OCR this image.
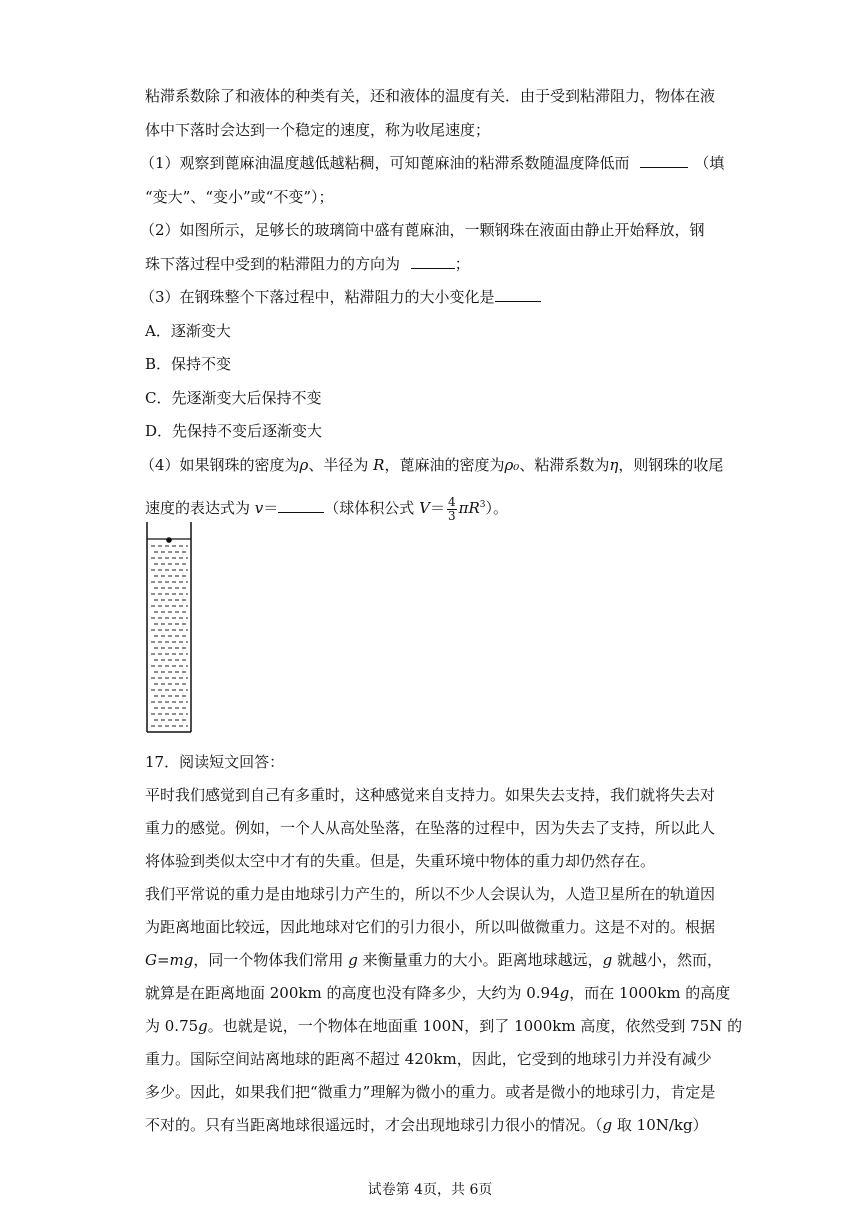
粘滞系数除了和液体的种类有关，还和液体的温度有关．由于受到粘滞阻力，物体在液
体中下落时会达到一个稳定的速度，称为收尾速度；
（1）观察到蓖麻油温度越低越粘稠，可知蓖麻油的粘滞系数随温度降低而	（填
“变大”、“变小”或“不变”）；
（2）如图所示，足够长的玻璃筒中盛有蓖麻油，一颗钢珠在液面由静止开始释放，钢
珠下落过程中受到的粘滞阻力的方向为	；
（3）在钢珠整个下落过程中，粘滞阻力的大小变化是
A．逐渐变大
B．保持不变
C．先逐渐变大后保持不变
D．先保持不变后逐渐变大
（4）如果钢珠的密度为ρ、半径为 R，蓖麻油的密度为ρ₀、粘滞系数为η，则钢珠的收尾
速度的表达式为 v＝	（球体积公式 $V= \frac{4}{3} \pi R^3$）。
17．阅读短文回答：
平时我们感觉到自己有多重时，这种感觉来自支持力。如果失去支持，我们就将失去对
重力的感觉。例如，一个人从高处坠落，在坠落的过程中，因为失去了支持，所以此人
将体验到类似太空中才有的失重。但是，失重环境中物体的重力却仍然存在。
我们平常说的重力是由地球引力产生的，所以不少人会误认为，人造卫星所在的轨道因
为距离地面比较远，因此地球对它们的引力很小，所以叫做微重力。这是不对的。根据
G=mg，同一个物体我们常用 g 来衡量重力的大小。距离地球越远，g 就越小，然而，
就算是在距离地面 200km 的高度也没有降多少，大约为 0.94g，而在 1000km 的高度
为 0.75g。也就是说，一个物体在地面重 100N，到了 1000km 高度，依然受到 75N 的
重力。国际空间站离地球的距离不超过 420km，因此，它受到的地球引力并没有减少
多少。因此，如果我们把“微重力”理解为微小的重力。或者是微小的地球引力，肯定是
不对的。只有当距离地球很遥远时，才会出现地球引力很小的情况。（g 取 10N/kg）
试卷第 4页，共 6页
